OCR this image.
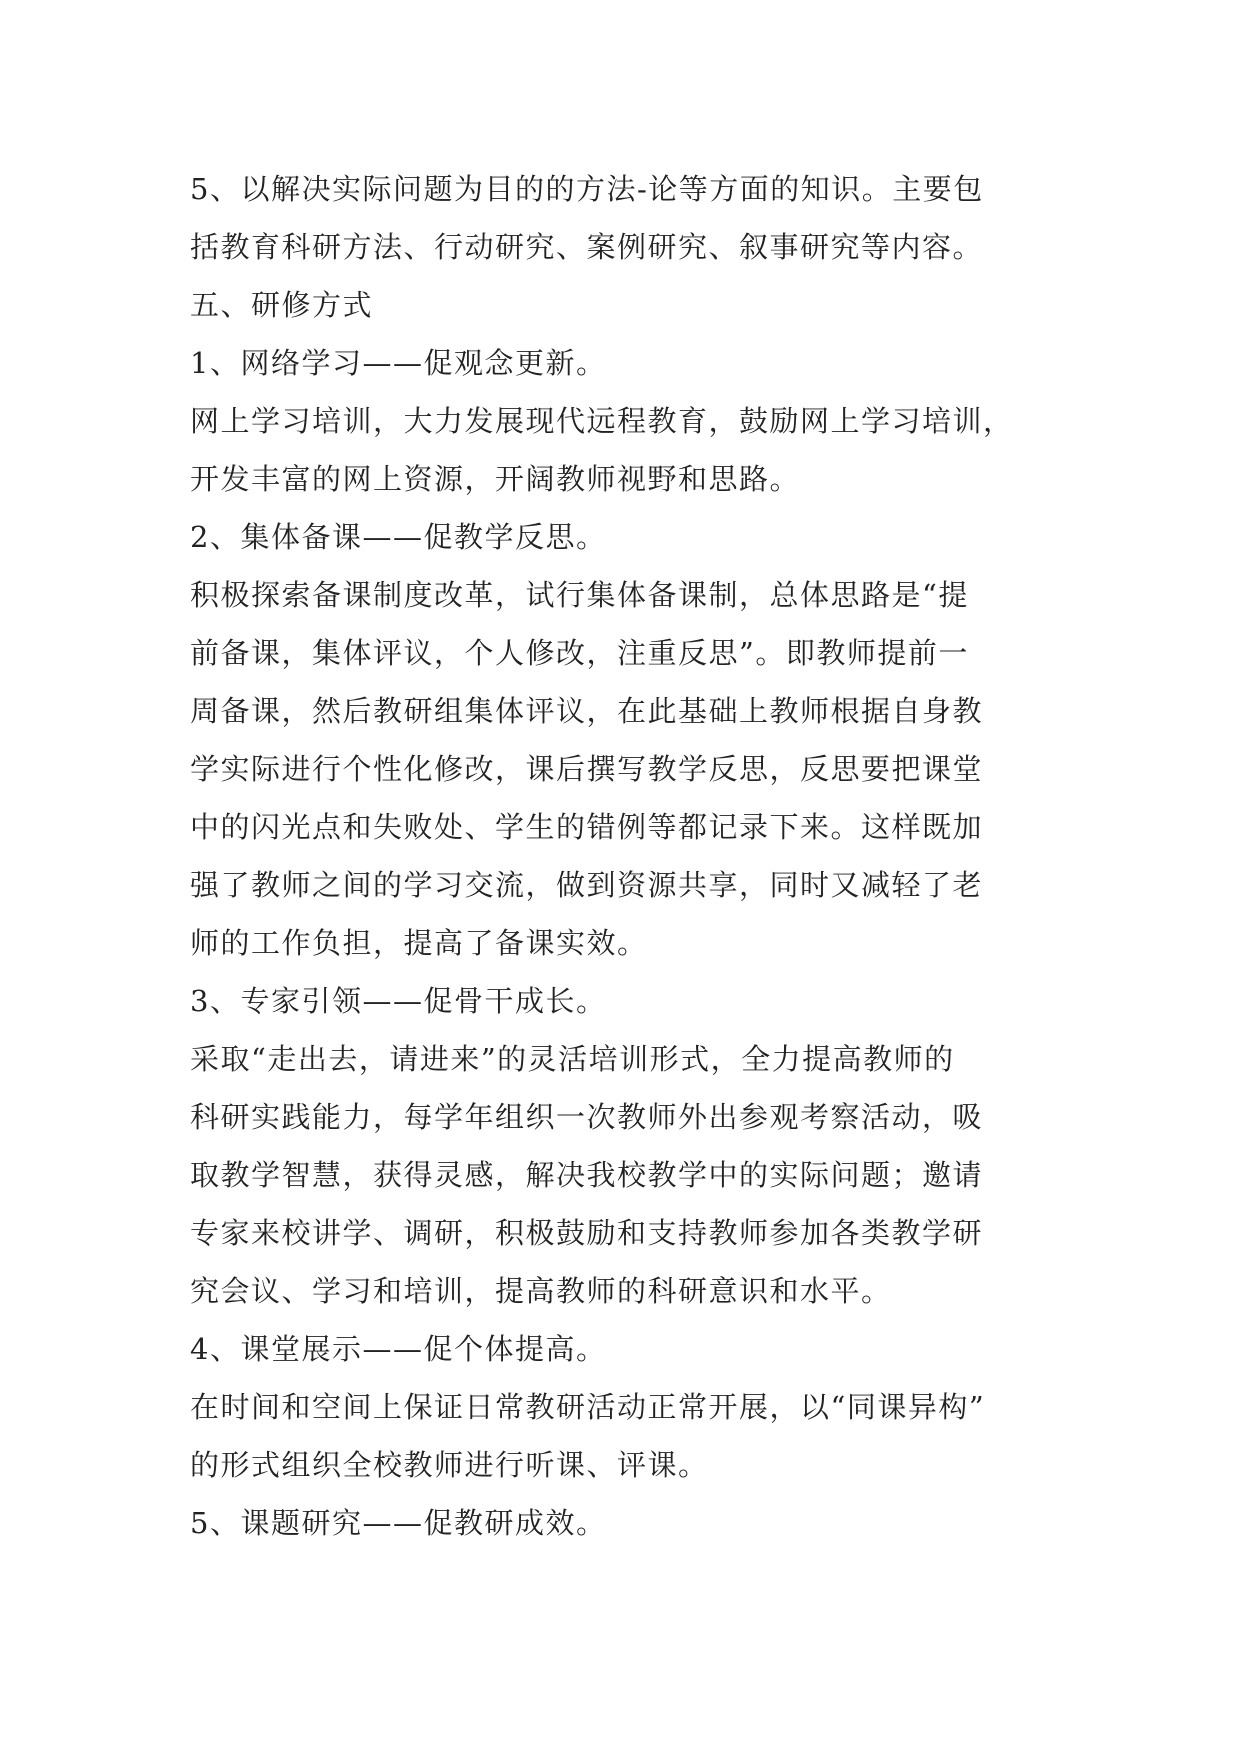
5、以解决实际问题为目的的方法-论等方面的知识。主要包
括教育科研方法、行动研究、案例研究、叙事研究等内容。
五、研修方式
1、网络学习——促观念更新。
网上学习培训，大力发展现代远程教育，鼓励网上学习培训，
开发丰富的网上资源，开阔教师视野和思路。
2、集体备课——促教学反思。
积极探索备课制度改革，试行集体备课制，总体思路是“提
前备课，集体评议，个人修改，注重反思”。即教师提前一
周备课，然后教研组集体评议，在此基础上教师根据自身教
学实际进行个性化修改，课后撰写教学反思，反思要把课堂
中的闪光点和失败处、学生的错例等都记录下来。这样既加
强了教师之间的学习交流，做到资源共享，同时又减轻了老
师的工作负担，提高了备课实效。
3、专家引领——促骨干成长。
采取“走出去，请进来”的灵活培训形式，全力提高教师的
科研实践能力，每学年组织一次教师外出参观考察活动，吸
取教学智慧，获得灵感，解决我校教学中的实际问题；邀请
专家来校讲学、调研，积极鼓励和支持教师参加各类教学研
究会议、学习和培训，提高教师的科研意识和水平。
4、课堂展示——促个体提高。
在时间和空间上保证日常教研活动正常开展，以“同课异构”
的形式组织全校教师进行听课、评课。
5、课题研究——促教研成效。
